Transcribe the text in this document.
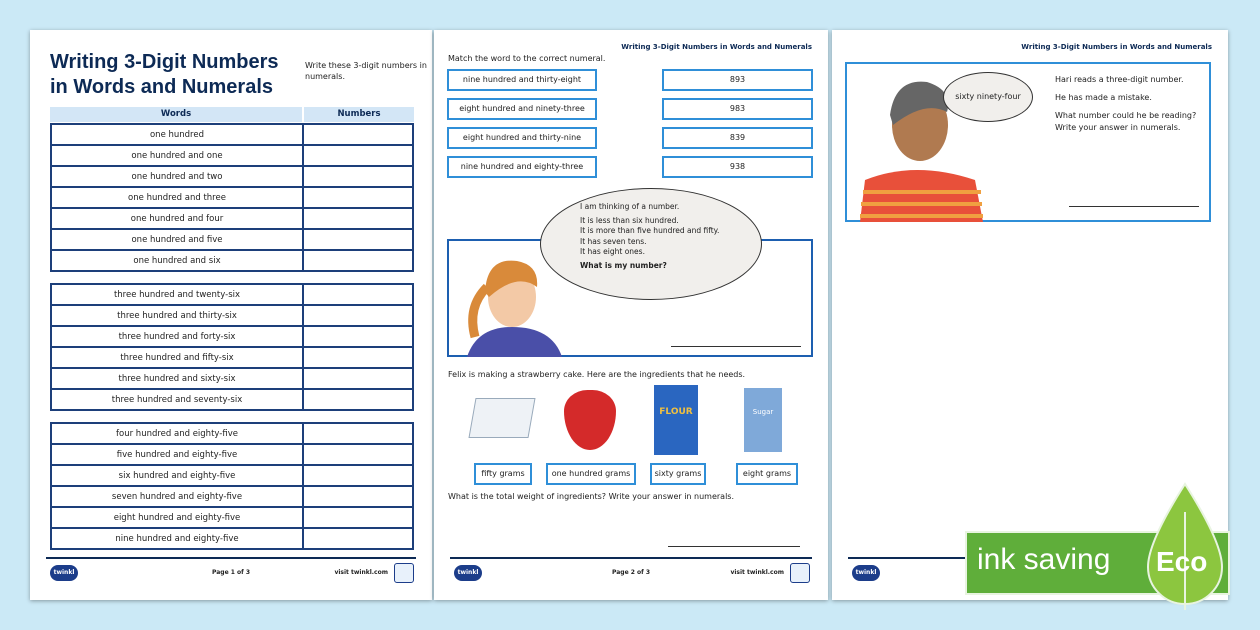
Writing 3-Digit Numbers
in Words and Numerals
Write these 3-digit numbers in numerals.
Words	Numbers
one hundred	
one hundred and one	
one hundred and two	
one hundred and three	
one hundred and four	
one hundred and five	
one hundred and six	
three hundred and twenty-six	
three hundred and thirty-six	
three hundred and forty-six	
three hundred and fifty-six	
three hundred and sixty-six	
three hundred and seventy-six	
four hundred and eighty-five	
five hundred and eighty-five	
six hundred and eighty-five	
seven hundred and eighty-five	
eight hundred and eighty-five	
nine hundred and eighty-five	
twinkl	Page 1 of 3	visit twinkl.com
Writing 3-Digit Numbers in Words and Numerals
Match the word to the correct numeral.
nine hundred and thirty-eight	893
eight hundred and ninety-three	983
eight hundred and thirty-nine	839
nine hundred and eighty-three	938
I am thinking of a number.
It is less than six hundred.
It is more than five hundred and fifty.
It has seven tens.
It has eight ones.
What is my number?
Felix is making a strawberry cake. Here are the ingredients that he needs.
FLOUR	Sugar
fifty grams	one hundred grams	sixty grams	eight grams
What is the total weight of ingredients? Write your answer in numerals.
twinkl	Page 2 of 3	visit twinkl.com
Writing 3-Digit Numbers in Words and Numerals
sixty ninety-four
Hari reads a three-digit number.
He has made a mistake.
What number could he be reading?
Write your answer in numerals.
twinkl	ink saving Eco
